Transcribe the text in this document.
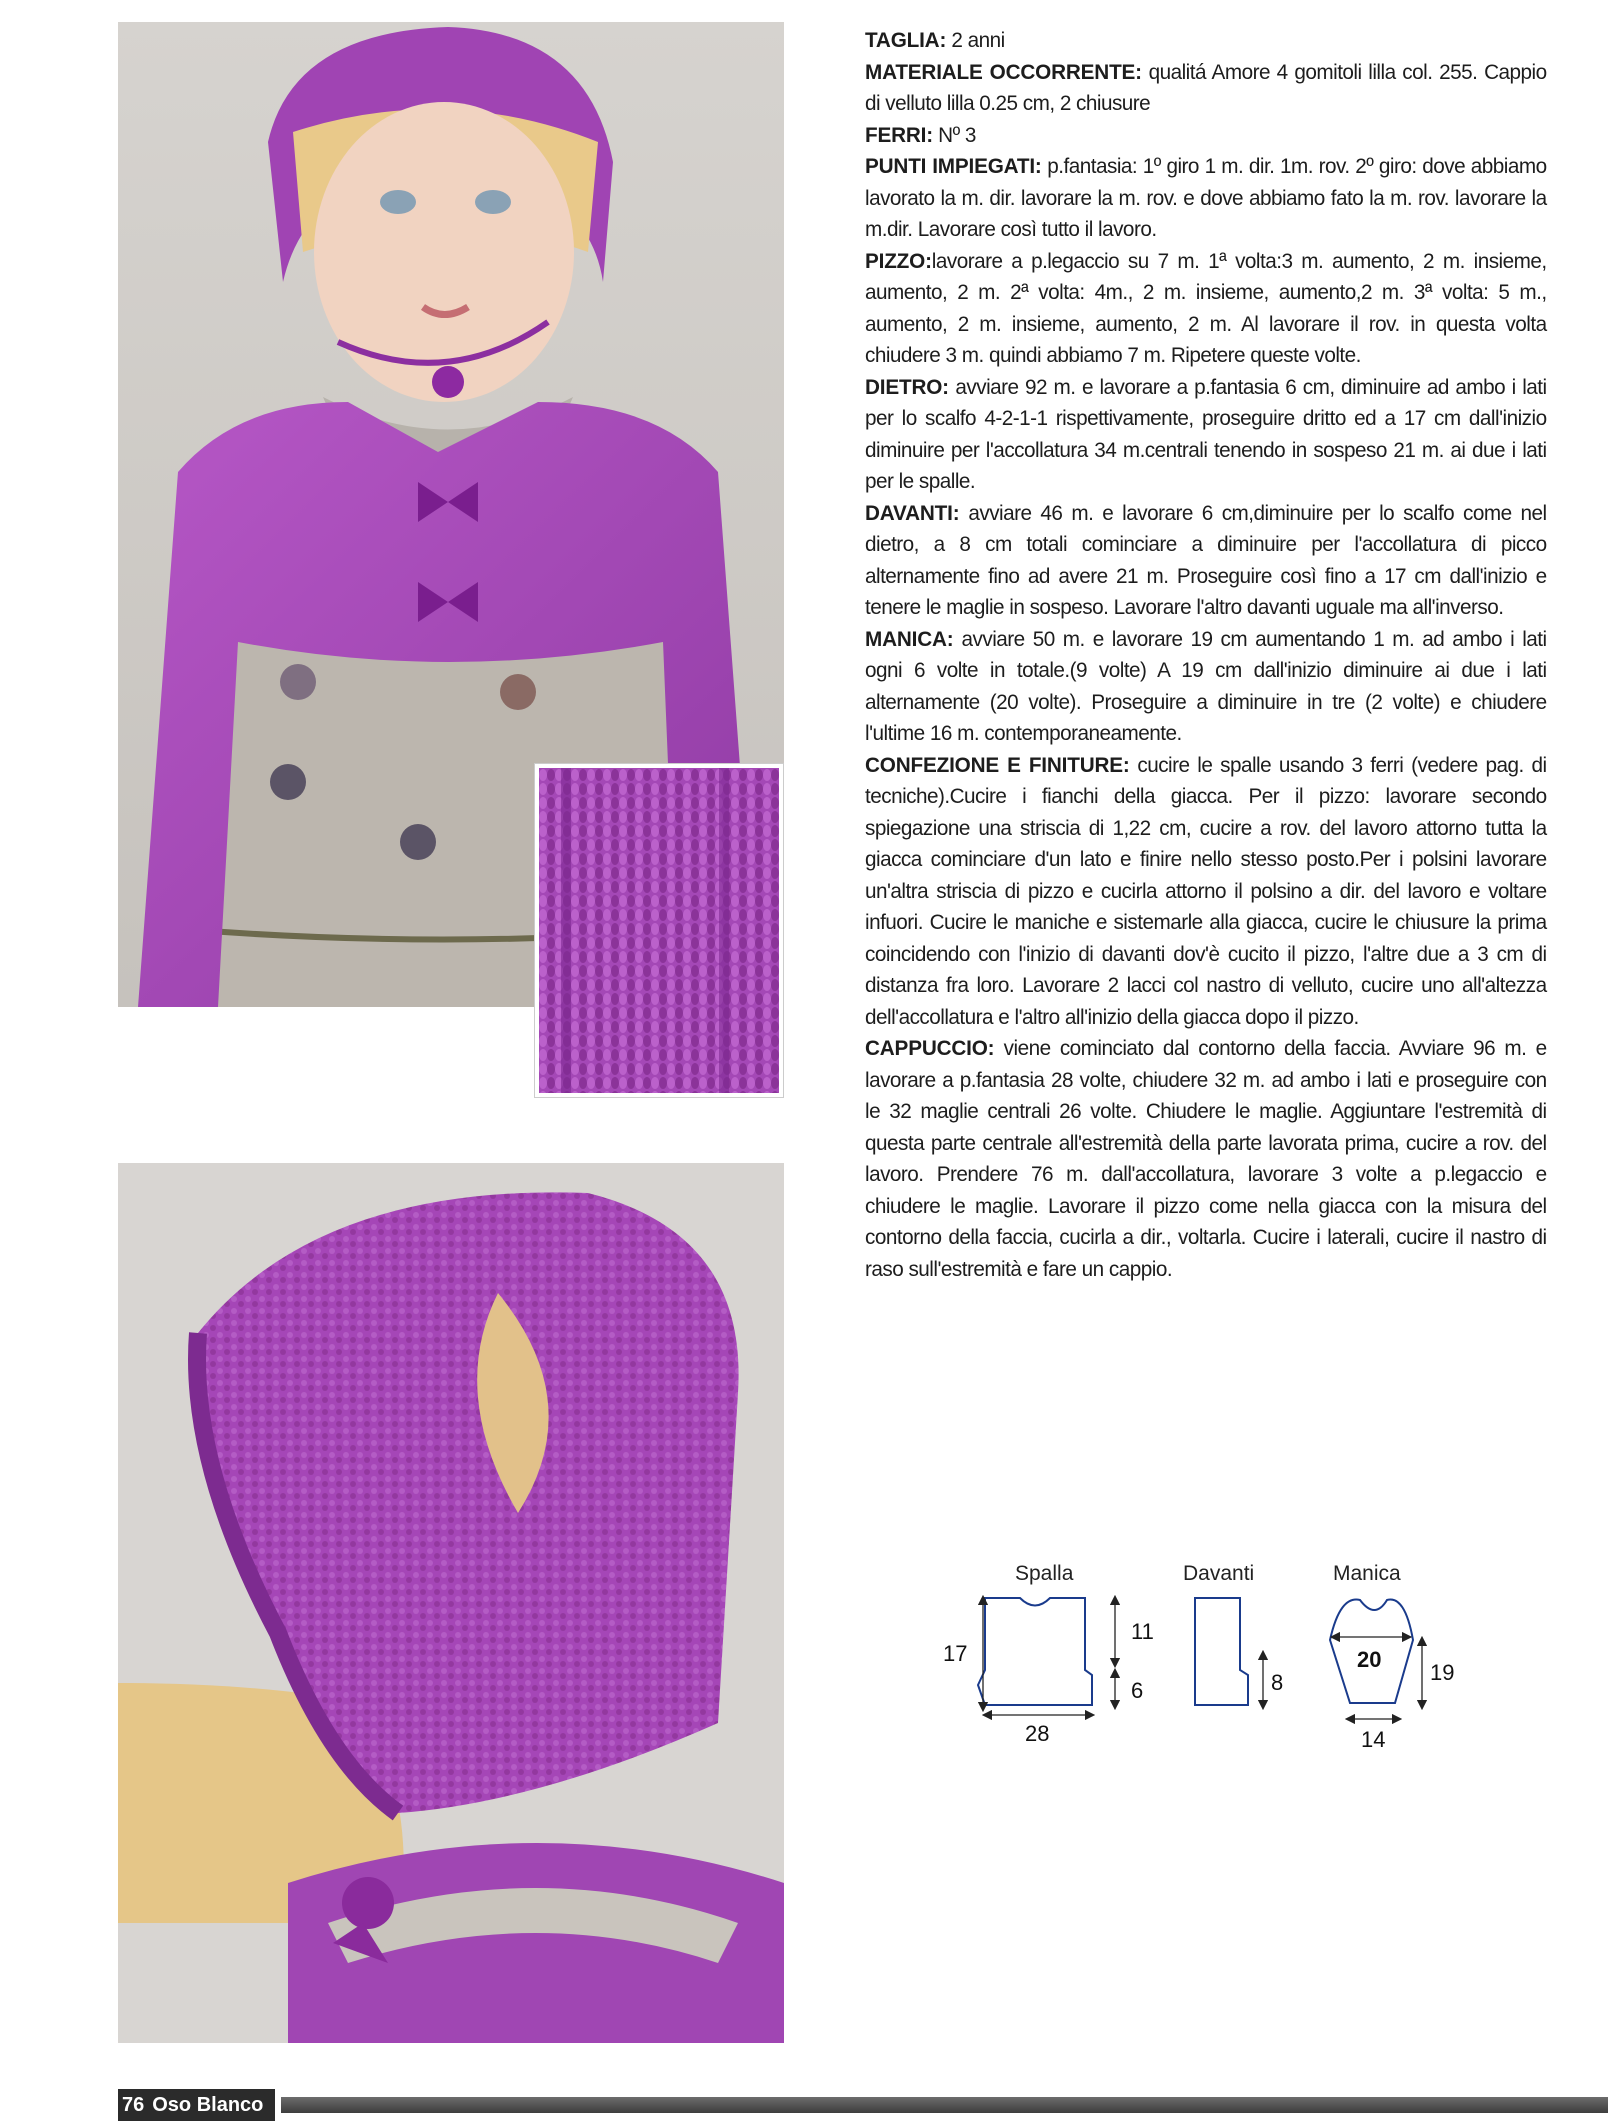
TAGLIA: 2 anni

MATERIALE OCCORRENTE: qualitá Amore 4 gomitoli lilla col. 255. Cappio di velluto lilla 0.25 cm, 2 chiusure

FERRI: Nº 3

PUNTI IMPIEGATI: p.fantasia: 1º giro 1 m. dir. 1m. rov. 2º giro: dove abbiamo lavorato la m. dir. lavorare la m. rov. e dove abbiamo fato la m. rov. lavorare la m.dir. Lavorare così tutto il lavoro.

PIZZO:lavorare a p.legaccio su 7 m. 1ª volta:3 m. aumento, 2 m. insieme, aumento, 2 m. 2ª volta: 4m., 2 m. insieme, aumento,2 m. 3ª volta: 5 m., aumento, 2 m. insieme, aumento, 2 m. Al lavorare il rov. in questa volta chiudere 3 m. quindi abbiamo 7 m. Ripetere queste volte.

DIETRO: avviare 92 m. e lavorare a p.fantasia 6 cm, diminuire ad ambo i lati per lo scalfo 4-2-1-1 rispettivamente, proseguire dritto ed a 17 cm dall'inizio diminuire per l'accollatura 34 m.centrali tenendo in sospeso 21 m. ai due i lati per le spalle.

DAVANTI: avviare 46 m. e lavorare 6 cm,diminuire per lo scalfo come nel dietro, a 8 cm totali cominciare a diminuire per l'accollatura di picco alternamente fino ad avere 21 m. Proseguire così fino a 17 cm dall'inizio e tenere le maglie in sospeso. Lavorare l'altro davanti uguale ma all'inverso.

MANICA: avviare 50 m. e lavorare 19 cm aumentando 1 m. ad ambo i lati ogni 6 volte in totale.(9 volte) A 19 cm dall'inizio diminuire ai due i lati alternamente (20 volte). Proseguire a diminuire in tre (2 volte) e chiudere l'ultime 16 m. contemporaneamente.

CONFEZIONE E FINITURE: cucire le spalle usando 3 ferri (vedere pag. di tecniche).Cucire i fianchi della giacca. Per il pizzo: lavorare secondo spiegazione una striscia di 1,22 cm, cucire a rov. del lavoro attorno tutta la giacca cominciare d'un lato e finire nello stesso posto.Per i polsini lavorare un'altra striscia di pizzo e cucirla attorno il polsino a dir. del lavoro e voltare infuori. Cucire le maniche e sistemarle alla giacca, cucire le chiusure la prima coincidendo con l'inizio di davanti dov'è cucito il pizzo, l'altre due a 3 cm di distanza fra loro. Lavorare 2 lacci col nastro di velluto, cucire uno all'altezza dell'accollatura e l'altro all'inizio della giacca dopo il pizzo.

CAPPUCCIO: viene cominciato dal contorno della faccia. Avviare 96 m. e lavorare a p.fantasia 28 volte, chiudere 32 m. ad ambo i lati e proseguire con le 32 maglie centrali 26 volte. Chiudere le maglie. Aggiuntare l'estremità di questa parte centrale all'estremità della parte lavorata prima, cucire a rov. del lavoro. Prendere 76 m. dall'accollatura, lavorare 3 volte a p.legaccio e chiudere le maglie. Lavorare il pizzo come nella giacca con la misura del contorno della faccia, cucirla a dir., voltarla. Cucire i laterali, cucire il nastro di raso sull'estremità e fare un cappio.

Spalla
17
11
6
28
Davanti
8
Manica
20
19
14
76 Oso Blanco
